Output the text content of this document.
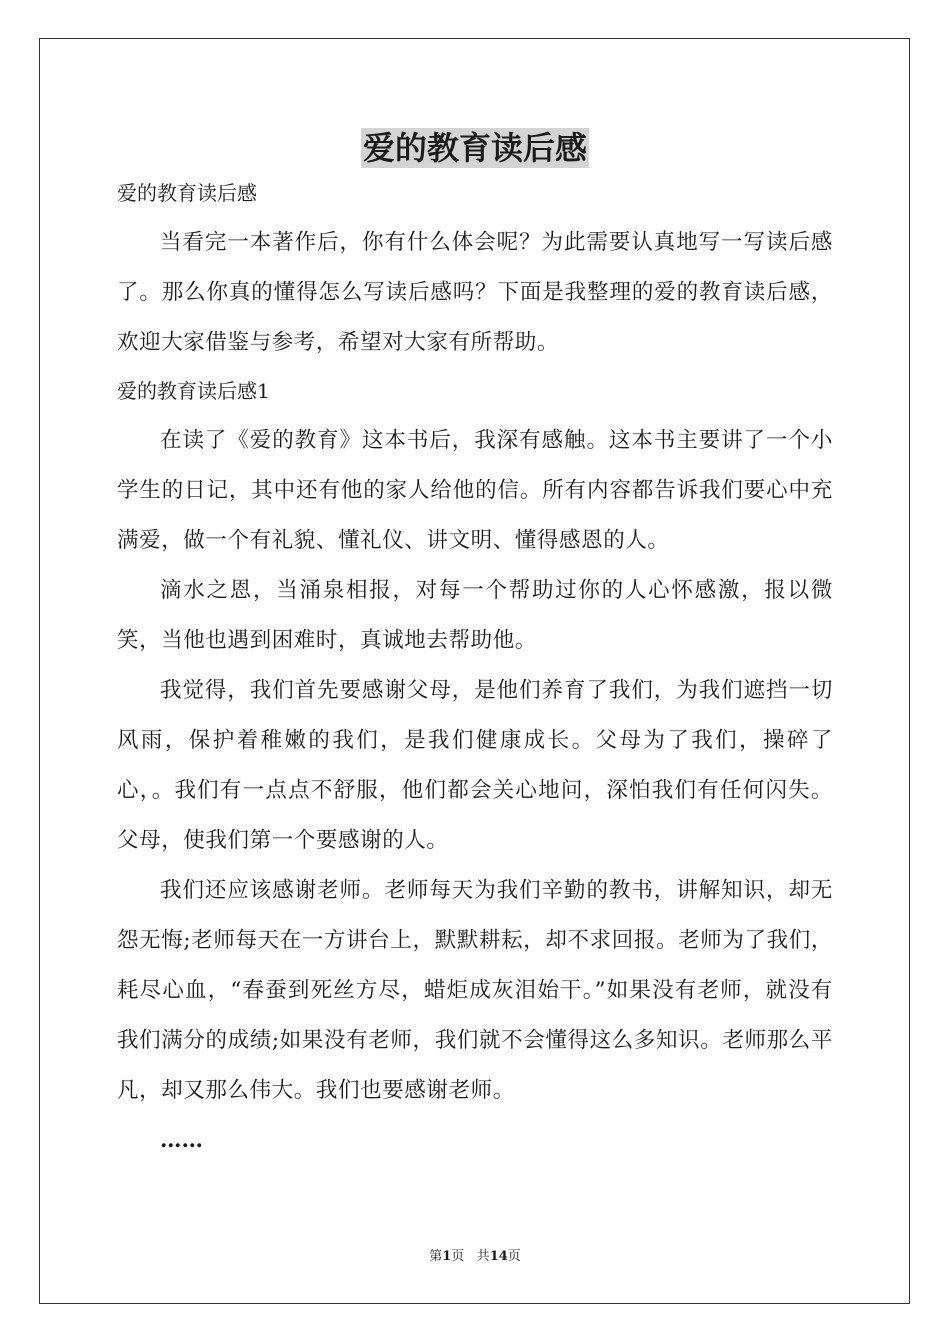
爱的教育读后感
爱的教育读后感

当看完一本著作后，你有什么体会呢？为此需要认真地写一写读后感了。那么你真的懂得怎么写读后感吗？下面是我整理的爱的教育读后感，欢迎大家借鉴与参考，希望对大家有所帮助。

爱的教育读后感1

在读了《爱的教育》这本书后，我深有感触。这本书主要讲了一个小学生的日记，其中还有他的家人给他的信。所有内容都告诉我们要心中充满爱，做一个有礼貌、懂礼仪、讲文明、懂得感恩的人。

滴水之恩，当涌泉相报，对每一个帮助过你的人心怀感激，报以微笑，当他也遇到困难时，真诚地去帮助他。

我觉得，我们首先要感谢父母，是他们养育了我们，为我们遮挡一切风雨，保护着稚嫩的我们，是我们健康成长。父母为了我们，操碎了心，。我们有一点点不舒服，他们都会关心地问，深怕我们有任何闪失。父母，使我们第一个要感谢的人。

我们还应该感谢老师。老师每天为我们辛勤的教书，讲解知识，却无怨无悔;老师每天在一方讲台上，默默耕耘，却不求回报。老师为了我们，耗尽心血，“春蚕到死丝方尽，蜡炬成灰泪始干。”如果没有老师，就没有我们满分的成绩;如果没有老师，我们就不会懂得这么多知识。老师那么平凡，却又那么伟大。我们也要感谢老师。

……

第1页 共14页
